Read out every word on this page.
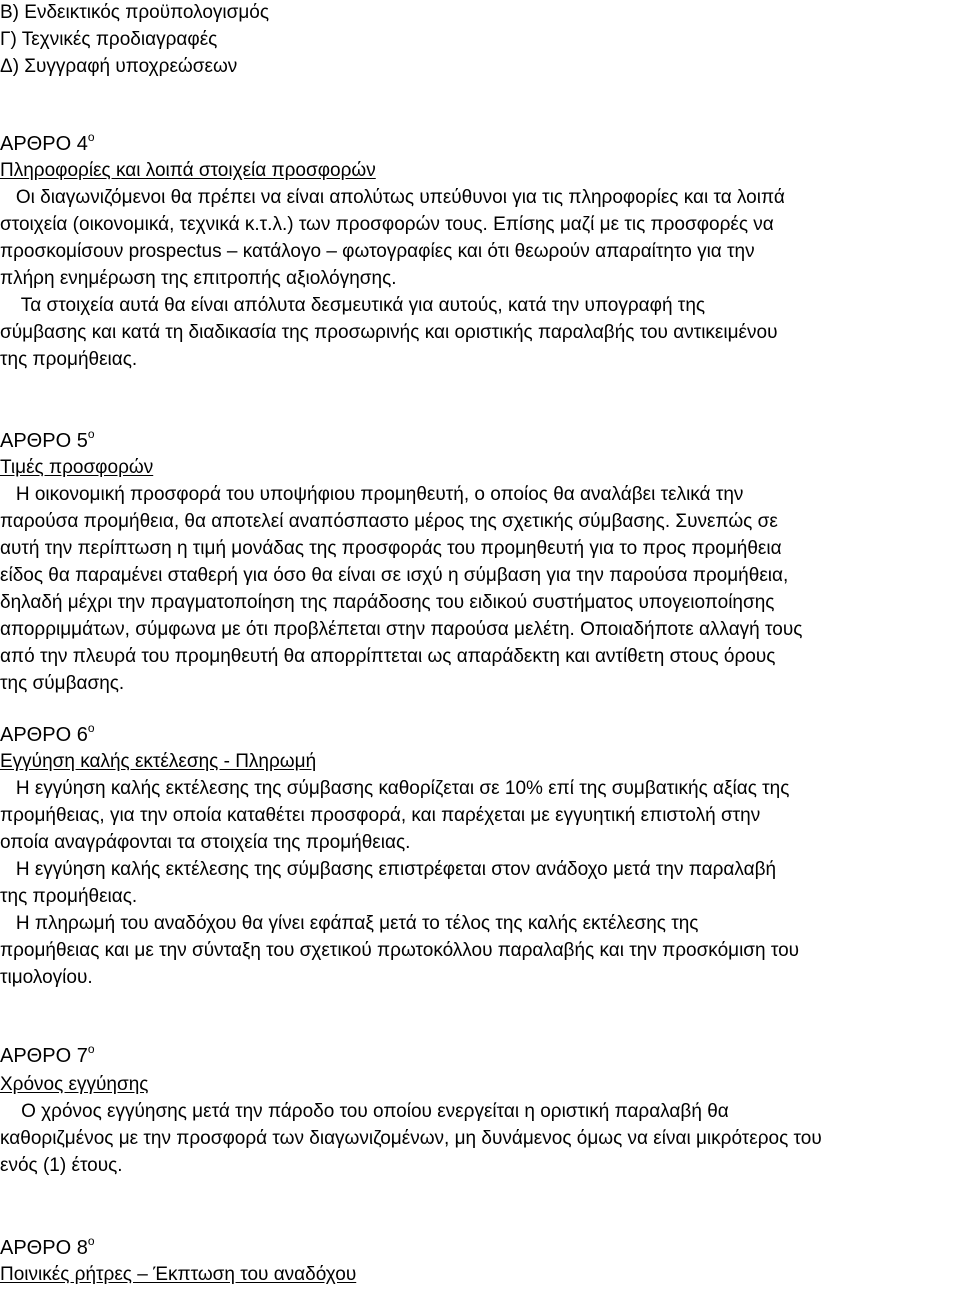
Β) Ενδεικτικός προϋπολογισμός

Γ) Τεχνικές προδιαγραφές

Δ) Συγγραφή υποχρεώσεων

ΑΡΘΡΟ $4^o$

Πληροφορίες και λοιπά στοιχεία προσφορών

Οι διαγωνιζόμενοι θα πρέπει να είναι απολύτως υπεύθυνοι για τις πληροφορίες και τα λοιπά

στοιχεία (οικονομικά, τεχνικά κ.τ.λ.) των προσφορών τους. Επίσης μαζί με τις προσφορές να

προσκομίσουν prospectus – κατάλογο – φωτογραφίες και ότι θεωρούν απαραίτητο για την

πλήρη ενημέρωση της επιτροπής αξιολόγησης.

Τα στοιχεία αυτά θα είναι απόλυτα δεσμευτικά για αυτούς, κατά την υπογραφή της

σύμβασης και κατά τη διαδικασία της προσωρινής και οριστικής παραλαβής του αντικειμένου

της προμήθειας.

ΑΡΘΡΟ $5^o$

Τιμές προσφορών

Η οικονομική προσφορά του υποψήφιου προμηθευτή, ο οποίος θα αναλάβει τελικά την

παρούσα προμήθεια, θα αποτελεί αναπόσπαστο μέρος της σχετικής σύμβασης. Συνεπώς σε

αυτή την περίπτωση η τιμή μονάδας της προσφοράς του προμηθευτή για το προς προμήθεια

είδος θα παραμένει σταθερή για όσο θα είναι σε ισχύ η σύμβαση για την παρούσα προμήθεια,

δηλαδή μέχρι την πραγματοποίηση της παράδοσης του ειδικού συστήματος υπογειοποίησης

απορριμμάτων, σύμφωνα με ότι προβλέπεται στην παρούσα μελέτη. Οποιαδήποτε αλλαγή τους

από την πλευρά του προμηθευτή θα απορρίπτεται ως απαράδεκτη και αντίθετη στους όρους

της σύμβασης.

ΑΡΘΡΟ $6^o$

Εγγύηση καλής εκτέλεσης - Πληρωμή

Η εγγύηση καλής εκτέλεσης της σύμβασης καθορίζεται σε 10% επί της συμβατικής αξίας της

προμήθειας, για την οποία καταθέτει προσφορά, και παρέχεται με εγγυητική επιστολή στην

οποία αναγράφονται τα στοιχεία της προμήθειας.

Η εγγύηση καλής εκτέλεσης της σύμβασης επιστρέφεται στον ανάδοχο μετά την παραλαβή

της προμήθειας.

Η πληρωμή του αναδόχου θα γίνει εφάπαξ μετά το τέλος της καλής εκτέλεσης της

προμήθειας και με την σύνταξη του σχετικού πρωτοκόλλου παραλαβής και την προσκόμιση του

τιμολογίου.

ΑΡΘΡΟ $7^o$

Χρόνος εγγύησης

Ο χρόνος εγγύησης μετά την πάροδο του οποίου ενεργείται η οριστική παραλαβή θα

καθοριζμένος με την προσφορά των διαγωνιζομένων, μη δυνάμενος όμως να είναι μικρότερος του

ενός (1) έτους.

ΑΡΘΡΟ $8^o$

Ποινικές ρήτρες – Έκπτωση του αναδόχου
